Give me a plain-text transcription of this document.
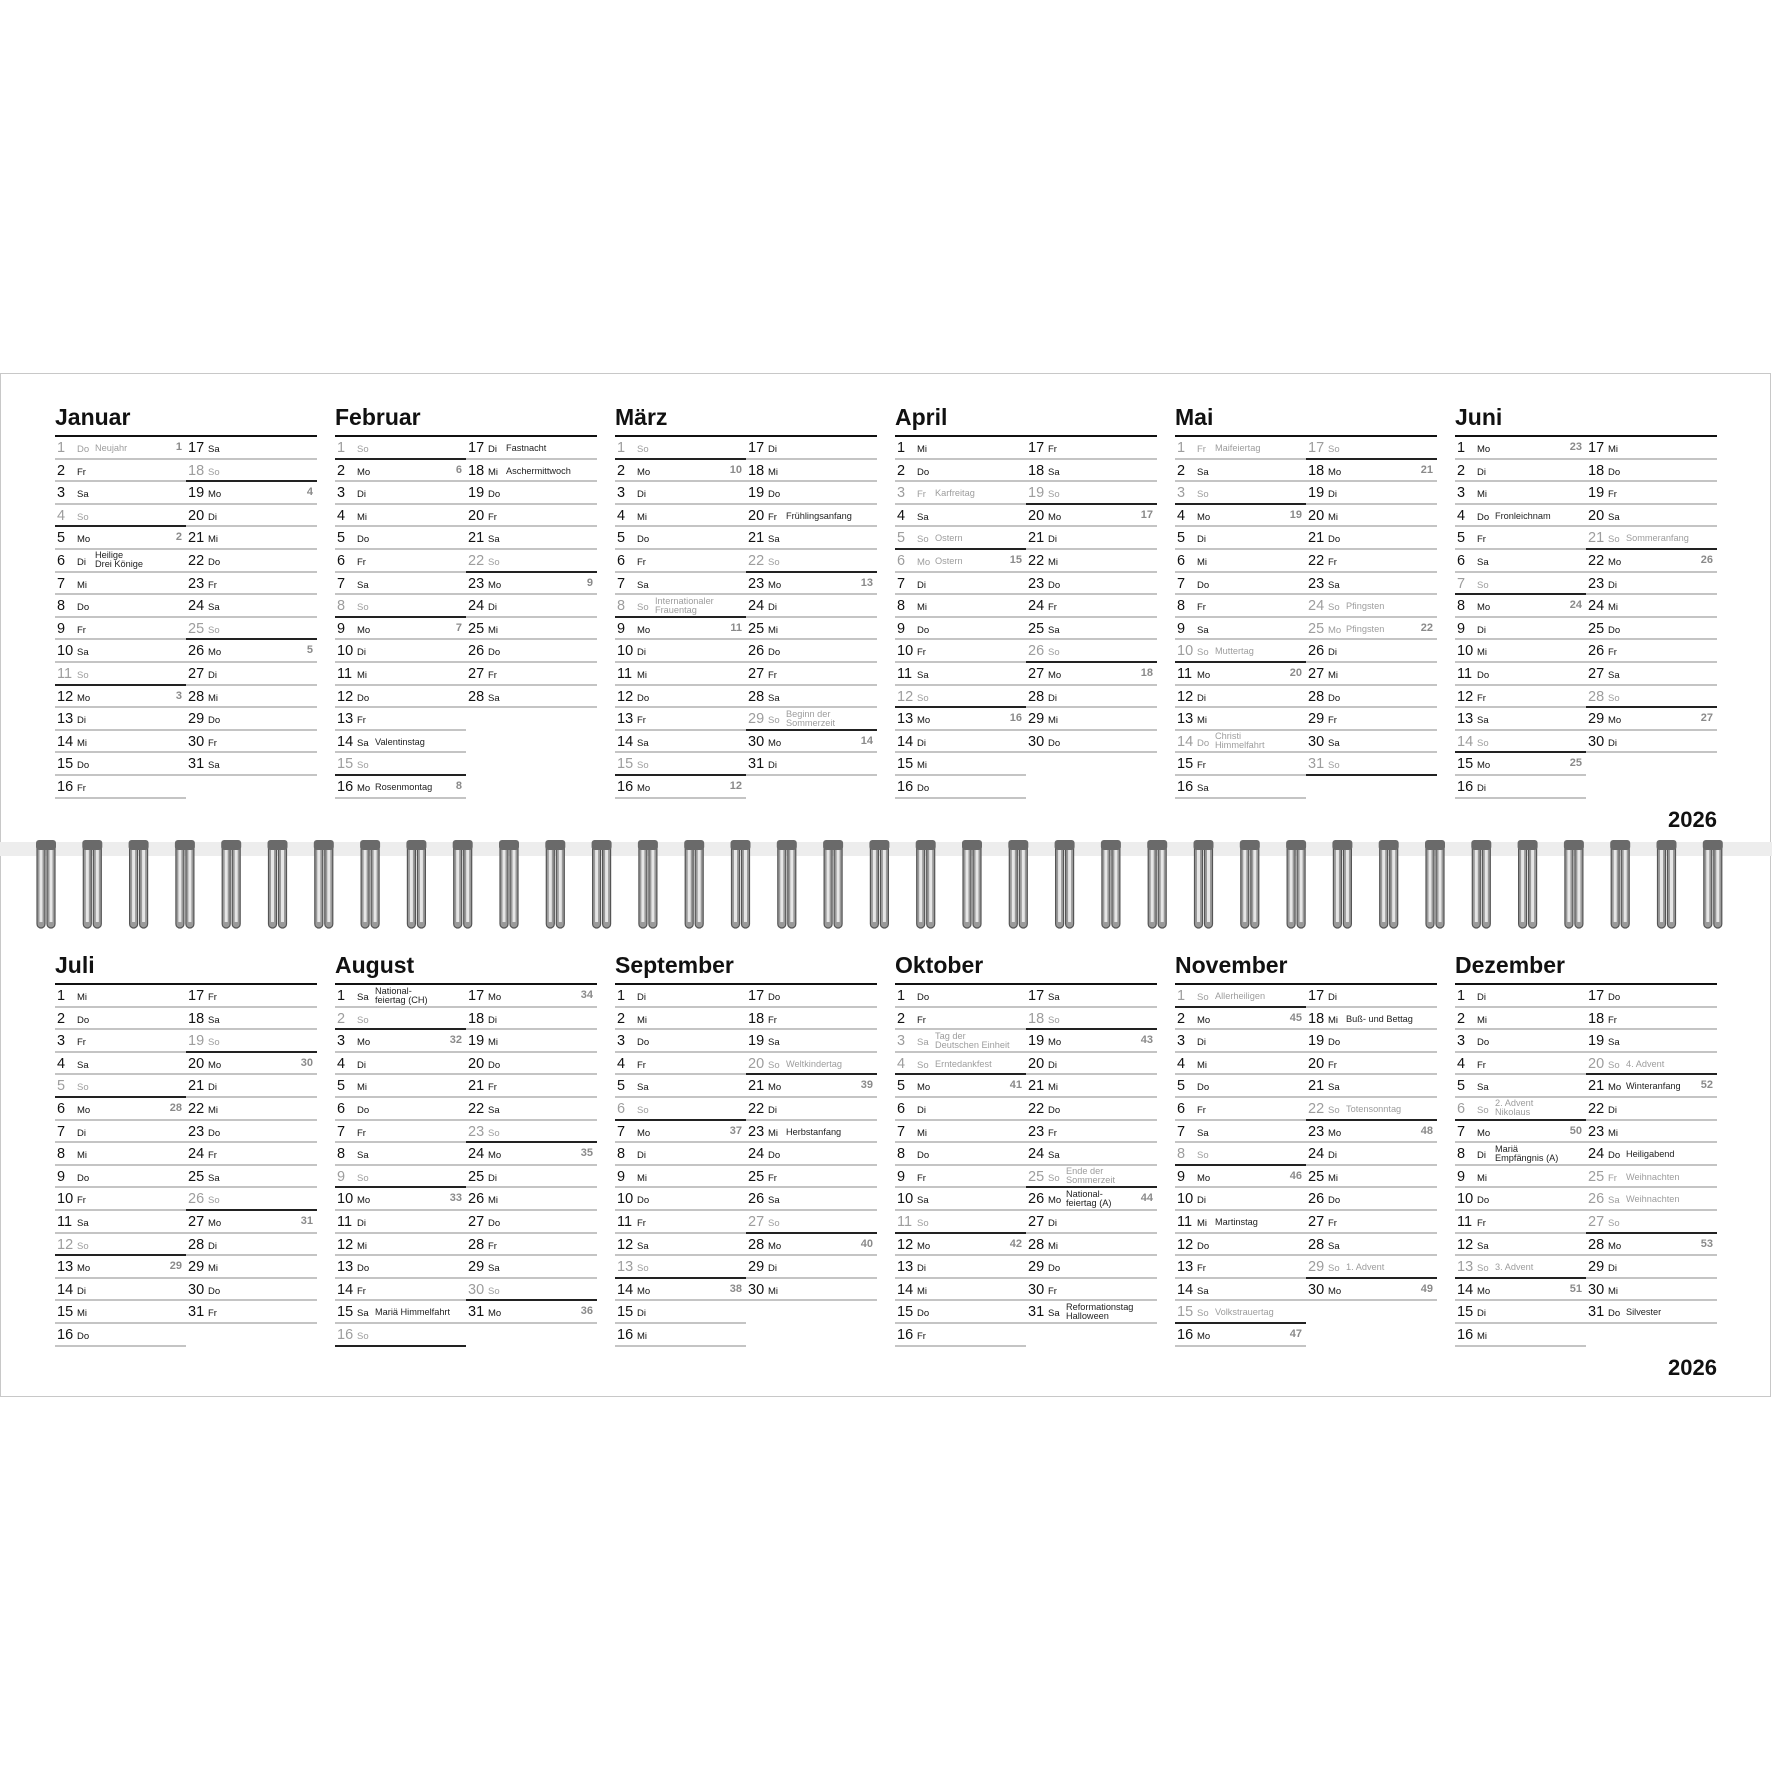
Januar
1 Do Neujahr	1
2 Fr
3 Sa
4 So
5 Mo	2
6 Di
Heilige
Drei Könige
7 Mi
8 Do
9 Fr
10 Sa
11 So
12 Mo	3
13 Di
14 Mi
15 Do
16 Fr
17 Sa
18 So
19 Mo	4
20 Di
21 Mi
22 Do
23 Fr
24 Sa
25 So
26 Mo	5
27 Di
28 Mi
29 Do
30 Fr
31 Sa
Februar
1 So
2 Mo	6
3 Di
4 Mi
5 Do
6 Fr
7 Sa
8 So
9 Mo	7
10 Di
11 Mi
12 Do
13 Fr
14 Sa Valentinstag
15 So
16 Mo Rosenmontag 8
17 Di Fastnacht
18 Mi Aschermittwoch
19 Do
20 Fr
21 Sa
22 So
23 Mo	9
24 Di
25 Mi
26 Do
27 Fr
28 Sa
März
1 So
2 Mo	10
3 Di
4 Mi
5 Do
6 Fr
7 Sa
8 So
Internationaler
Frauentag
9 Mo	11
10 Di
11 Mi
12 Do
13 Fr
14 Sa
15 So
16 Mo	12
17 Di
18 Mi
19 Do
20 Fr Frühlingsanfang
21 Sa
22 So
23 Mo	13
24 Di
25 Mi
26 Do
27 Fr
28 Sa
29 So
Beginn der
Sommerzeit
30 Mo	14
31 Di
April
1 Mi
2 Do
3 Fr Karfreitag
4 Sa
5 So Ostern
6 Mo Ostern	15
7 Di
8 Mi
9 Do
10 Fr
11 Sa
12 So
13 Mo	16
14 Di
15 Mi
16 Do
17 Fr
18 Sa
19 So
20 Mo	17
21 Di
22 Mi
23 Do
24 Fr
25 Sa
26 So
27 Mo	18
28 Di
29 Mi
30 Do
Mai
1 Fr Maifeiertag
2 Sa
3 So
4 Mo	19
5 Di
6 Mi
7 Do
8 Fr
9 Sa
10 So Muttertag
11 Mo	20
12 Di
13 Mi
14 Do
Christi
Himmelfahrt
15 Fr
16 Sa
17 So
18 Mo	21
19 Di
20 Mi
21 Do
22 Fr
23 Sa
24 So Pfingsten
25 Mo Pfingsten	22
26 Di
27 Mi
28 Do
29 Fr
30 Sa
31 So
Juni
1 Mo	23
2 Di
3 Mi
4 Do Fronleichnam
5 Fr
6 Sa
7 So
8 Mo	24
9 Di
10 Mi
11 Do
12 Fr
13 Sa
14 So
15 Mo	25
16 Di
17 Mi
18 Do
19 Fr
20 Sa
21 So Sommeranfang
22 Mo	26
23 Di
24 Mi
25 Do
26 Fr
27 Sa
28 So
29 Mo	27
30 Di
2026
Juli
1 Mi
2 Do
3 Fr
4 Sa
5 So
6 Mo	28
7 Di
8 Mi
9 Do
10 Fr
11 Sa
12 So
13 Mo	29
14 Di
15 Mi
16 Do
17 Fr
18 Sa
19 So
20 Mo	30
21 Di
22 Mi
23 Do
24 Fr
25 Sa
26 So
27 Mo	31
28 Di
29 Mi
30 Do
31 Fr
August
1 Sa
National-
feiertag (CH)
2 So
3 Mo	32
4 Di
5 Mi
6 Do
7 Fr
8 Sa
9 So
10 Mo	33
11 Di
12 Mi
13 Do
14 Fr
15 Sa Mariä Himmelfahrt
16 So
17 Mo	34
18 Di
19 Mi
20 Do
21 Fr
22 Sa
23 So
24 Mo	35
25 Di
26 Mi
27 Do
28 Fr
29 Sa
30 So
31 Mo	36
September
1 Di
2 Mi
3 Do
4 Fr
5 Sa
6 So
7 Mo	37
8 Di
9 Mi
10 Do
11 Fr
12 Sa
13 So
14 Mo	38
15 Di
16 Mi
17 Do
18 Fr
19 Sa
20 So Weltkindertag
21 Mo	39
22 Di
23 Mi Herbstanfang
24 Do
25 Fr
26 Sa
27 So
28 Mo	40
29 Di
30 Mi
Oktober
1 Do
2 Fr
3 Sa
Tag der
Deutschen Einheit
4 So Erntedankfest
5 Mo	41
6 Di
7 Mi
8 Do
9 Fr
10 Sa
11 So
12 Mo	42
13 Di
14 Mi
15 Do
16 Fr
17 Sa
18 So
19 Mo	43
20 Di
21 Mi
22 Do
23 Fr
24 Sa
25 So
Ende der
Sommerzeit
26 Mo
National-
feiertag (A)	44
27 Di
28 Mi
29 Do
30 Fr
31 Sa
Reformationstag
Halloween
November
1 So Allerheiligen
2 Mo	45
3 Di
4 Mi
5 Do
6 Fr
7 Sa
8 So
9 Mo	46
10 Di
11 Mi Martinstag
12 Do
13 Fr
14 Sa
15 So Volkstrauertag
16 Mo	47
17 Di
18 Mi Buß- und Bettag
19 Do
20 Fr
21 Sa
22 So Totensonntag
23 Mo	48
24 Di
25 Mi
26 Do
27 Fr
28 Sa
29 So 1. Advent
30 Mo	49
Dezember
1 Di
2 Mi
3 Do
4 Fr
5 Sa
6 So
2. Advent
Nikolaus
7 Mo	50
8 Di
Mariä
Empfängnis (A)
9 Mi
10 Do
11 Fr
12 Sa
13 So 3. Advent
14 Mo	51
15 Di
16 Mi
17 Do
18 Fr
19 Sa
20 So 4. Advent
21 Mo Winteranfang 52
22 Di
23 Mi
24 Do Heiligabend
25 Fr Weihnachten
26 Sa Weihnachten
27 So
28 Mo	53
29 Di
30 Mi
31 Do Silvester
2026
